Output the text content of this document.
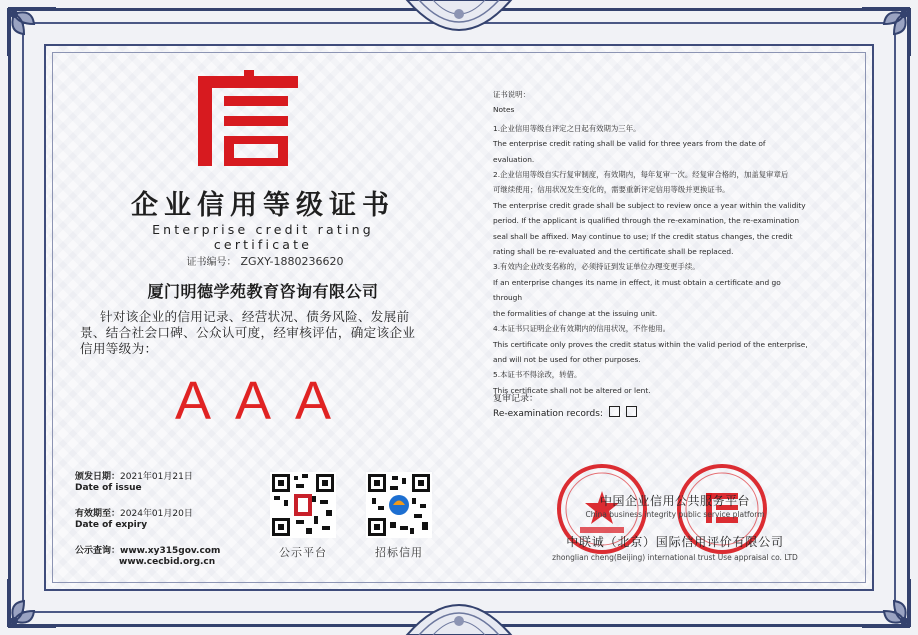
企业信用等级证书
Enterprise credit rating certificate
证书编号： ZGXY-1880236620
厦门明德学苑教育咨询有限公司
针对该企业的信用记录、经营状况、债务风险、发展前景、结合社会口碑、公众认可度，经审核评估，确定该企业信用等级为：
AAA
颁发日期：2021年01月21日
Date of issue
有效期至：2024年01月20日
Date of expiry
公示查询：www.xy315gov.com
www.cecbid.org.cn
公示平台	招标信用
证书说明：
Notes
1.企业信用等级自评定之日起有效期为三年。
The enterprise credit rating shall be valid for three years from the date of evaluation.
2.企业信用等级自实行复审制度，有效期内，每年复审一次。经复审合格的，加盖复审章后
可继续使用；信用状况发生变化的，需要重新评定信用等级并更换证书。
The enterprise credit grade shall be subject to review once a year within the validity
period. If the applicant is qualified through the re-examination, the re-examination
seal shall be affixed. May continue to use; If the credit status changes, the credit
rating shall be re-evaluated and the certificate shall be replaced.
3.有效内企业改变名称的，必须持证到发证单位办理变更手续。
If an enterprise changes its name in effect, it must obtain a certificate and go through
the formalities of change at the issuing unit.
4.本证书只证明企业有效期内的信用状况，不作他用。
This certificate only proves the credit status within the valid period of the enterprise,
and will not be used for other purposes.
5.本证书不得涂改，转借。
This certificate shall not be altered or lent.
复审记录：
Re-examination records:
中国企业信用公共服务平台
China business integrity public service platform
中联诚（北京）国际信用评价有限公司
zhonglian cheng(Beijing) international trust Use appraisal co. LTD
